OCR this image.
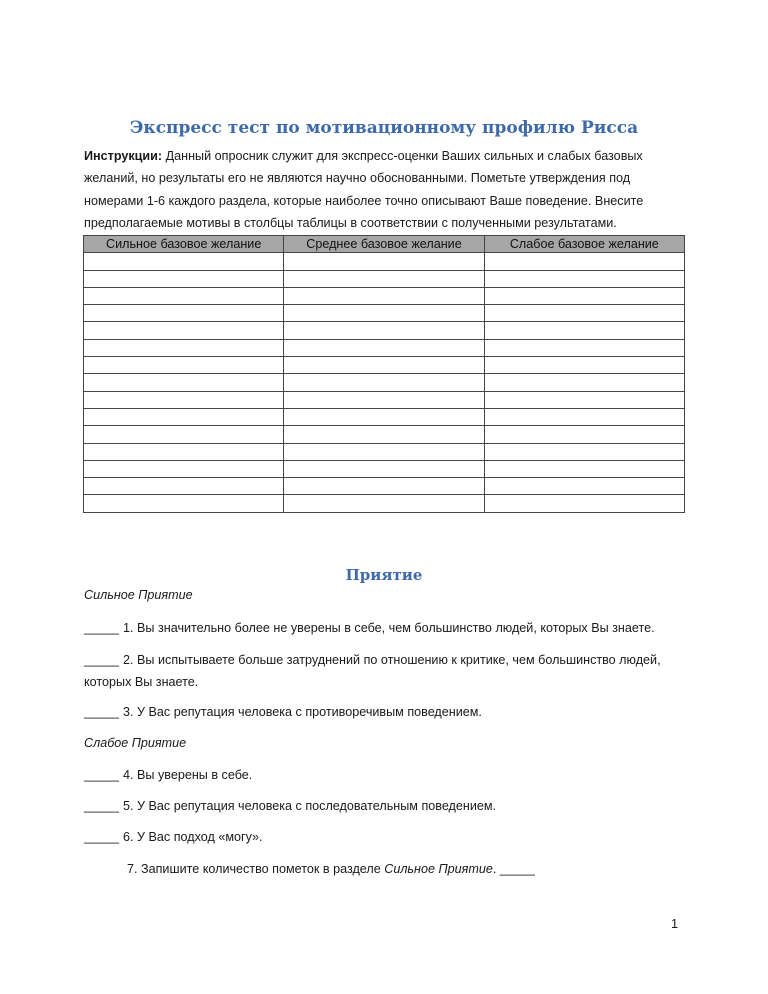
Экспресс тест по мотивационному профилю Рисса

Инструкции: Данный опросник служит для экспресс-оценки Ваших сильных и слабых базовых желаний, но результаты его не являются научно обоснованными. Пометьте утверждения под номерами 1-6 каждого раздела, которые наиболее точно описывают Ваше поведение. Внесите предполагаемые мотивы в столбцы таблицы в соответствии с полученными результатами.

Сильное базовое желание	Среднее базовое желание	Слабое базовое желание

Приятие

Сильное Приятие

_____ 1. Вы значительно более не уверены в себе, чем большинство людей, которых Вы знаете.

_____ 2. Вы испытываете больше затруднений по отношению к критике, чем большинство людей, которых Вы знаете.

_____ 3. У Вас репутация человека с противоречивым поведением.

Слабое Приятие

_____ 4. Вы уверены в себе.

_____ 5. У Вас репутация человека с последовательным поведением.

_____ 6. У Вас подход «могу».

7. Запишите количество пометок в разделе Сильное Приятие. _____

1
